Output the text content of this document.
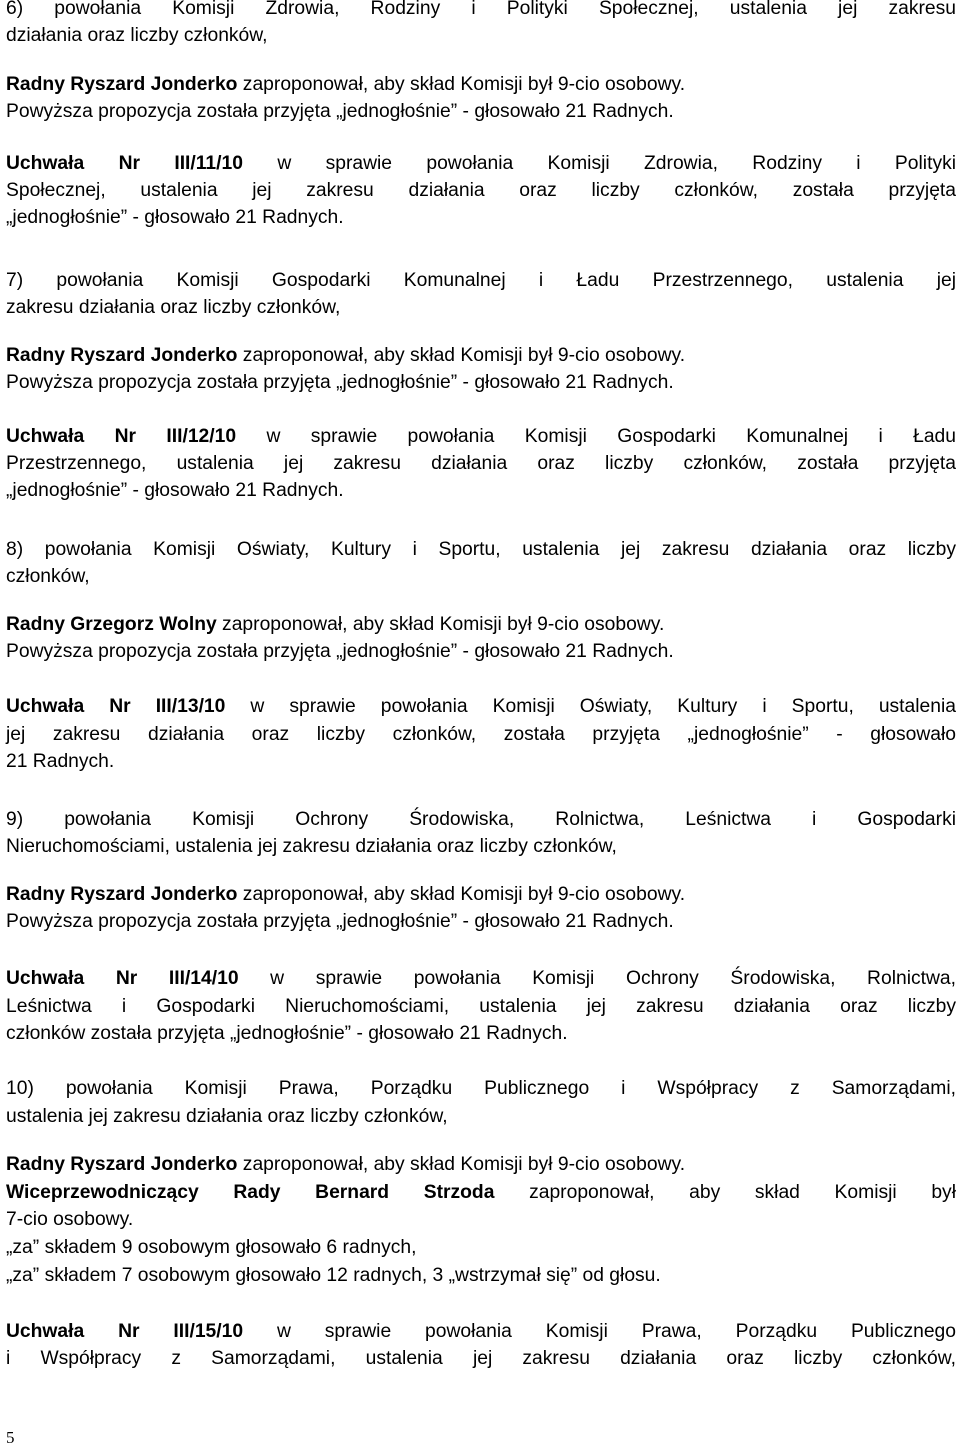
6) powołania Komisji Zdrowia, Rodziny i Polityki Społecznej, ustalenia jej zakresu
działania oraz liczby członków,
Radny Ryszard Jonderko zaproponował, aby skład Komisji był 9-cio osobowy.
Powyższa propozycja została przyjęta „jednogłośnie” - głosowało 21 Radnych.
Uchwała Nr III/11/10 w sprawie powołania Komisji Zdrowia, Rodziny i Polityki
Społecznej, ustalenia jej zakresu działania oraz liczby członków, została przyjęta
„jednogłośnie” - głosowało 21 Radnych.
7) powołania Komisji Gospodarki Komunalnej i Ładu Przestrzennego, ustalenia jej
zakresu działania oraz liczby członków,
Radny Ryszard Jonderko zaproponował, aby skład Komisji był 9-cio osobowy.
Powyższa propozycja została przyjęta „jednogłośnie” - głosowało 21 Radnych.
Uchwała Nr III/12/10 w sprawie powołania Komisji Gospodarki Komunalnej i Ładu
Przestrzennego, ustalenia jej zakresu działania oraz liczby członków, została przyjęta
„jednogłośnie” - głosowało 21 Radnych.
8) powołania Komisji Oświaty, Kultury i Sportu, ustalenia jej zakresu działania oraz liczby
członków,
Radny Grzegorz Wolny zaproponował, aby skład Komisji był 9-cio osobowy.
Powyższa propozycja została przyjęta „jednogłośnie” - głosowało 21 Radnych.
Uchwała Nr III/13/10 w sprawie powołania Komisji Oświaty, Kultury i Sportu, ustalenia
jej zakresu działania oraz liczby członków, została przyjęta „jednogłośnie” - głosowało
21 Radnych.
9) powołania Komisji Ochrony Środowiska, Rolnictwa, Leśnictwa i Gospodarki
Nieruchomościami, ustalenia jej zakresu działania oraz liczby członków,
Radny Ryszard Jonderko zaproponował, aby skład Komisji był 9-cio osobowy.
Powyższa propozycja została przyjęta „jednogłośnie” - głosowało 21 Radnych.
Uchwała Nr III/14/10 w sprawie powołania Komisji Ochrony Środowiska, Rolnictwa,
Leśnictwa i Gospodarki Nieruchomościami, ustalenia jej zakresu działania oraz liczby
członków została przyjęta „jednogłośnie” - głosowało 21 Radnych.
10) powołania Komisji Prawa, Porządku Publicznego i Współpracy z Samorządami,
ustalenia jej zakresu działania oraz liczby członków,
Radny Ryszard Jonderko zaproponował, aby skład Komisji był 9-cio osobowy.
Wiceprzewodniczący Rady Bernard Strzoda zaproponował, aby skład Komisji był
7-cio osobowy.
„za” składem 9 osobowym głosowało 6 radnych,
„za” składem 7 osobowym głosowało 12 radnych, 3 „wstrzymał się” od głosu.
Uchwała Nr III/15/10 w sprawie powołania Komisji Prawa, Porządku Publicznego
i Współpracy z Samorządami, ustalenia jej zakresu działania oraz liczby członków,
5
